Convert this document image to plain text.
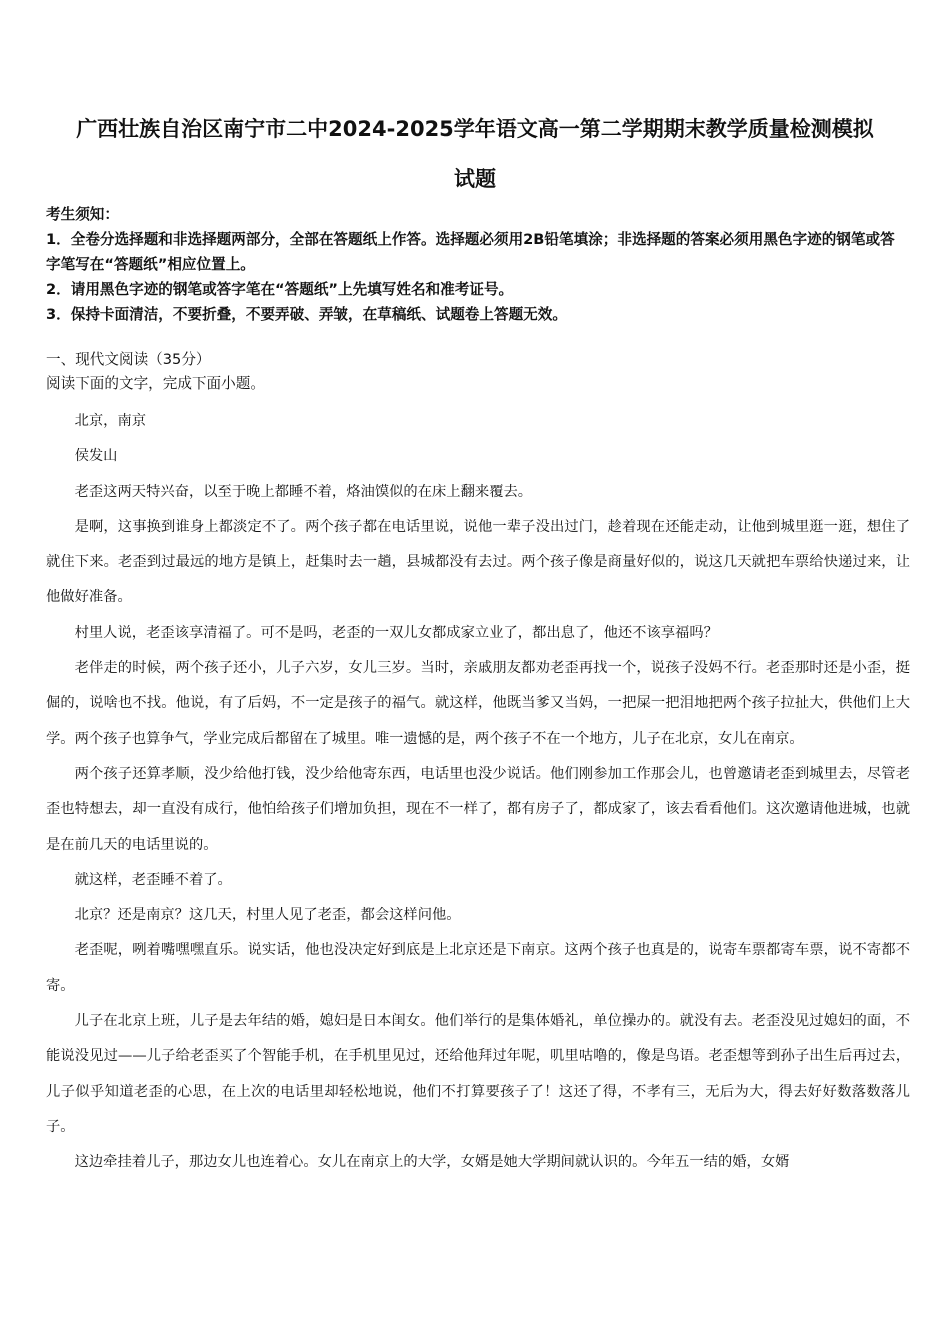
广西壮族自治区南宁市二中2024-2025学年语文高一第二学期期末教学质量检测模拟
试题

考生须知：

1．全卷分选择题和非选择题两部分，全部在答题纸上作答。选择题必须用2B铅笔填涂；非选择题的答案必须用黑色字迹的钢笔或答字笔写在“答题纸”相应位置上。

2．请用黑色字迹的钢笔或答字笔在“答题纸”上先填写姓名和准考证号。

3．保持卡面清洁，不要折叠，不要弄破、弄皱，在草稿纸、试题卷上答题无效。

一、现代文阅读（35分）

阅读下面的文字，完成下面小题。

北京，南京

侯发山

老歪这两天特兴奋，以至于晚上都睡不着，烙油馍似的在床上翻来覆去。

是啊，这事换到谁身上都淡定不了。两个孩子都在电话里说，说他一辈子没出过门，趁着现在还能走动，让他到城里逛一逛，想住了就住下来。老歪到过最远的地方是镇上，赶集时去一趟，县城都没有去过。两个孩子像是商量好似的，说这几天就把车票给快递过来，让他做好准备。

村里人说，老歪该享清福了。可不是吗，老歪的一双儿女都成家立业了，都出息了，他还不该享福吗？

老伴走的时候，两个孩子还小，儿子六岁，女儿三岁。当时，亲戚朋友都劝老歪再找一个，说孩子没妈不行。老歪那时还是小歪，挺倔的，说啥也不找。他说，有了后妈，不一定是孩子的福气。就这样，他既当爹又当妈，一把屎一把泪地把两个孩子拉扯大，供他们上大学。两个孩子也算争气，学业完成后都留在了城里。唯一遗憾的是，两个孩子不在一个地方，儿子在北京，女儿在南京。

两个孩子还算孝顺，没少给他打钱，没少给他寄东西，电话里也没少说话。他们刚参加工作那会儿，也曾邀请老歪到城里去，尽管老歪也特想去，却一直没有成行，他怕给孩子们增加负担，现在不一样了，都有房子了，都成家了，该去看看他们。这次邀请他进城，也就是在前几天的电话里说的。

就这样，老歪睡不着了。

北京？还是南京？这几天，村里人见了老歪，都会这样问他。

老歪呢，咧着嘴嘿嘿直乐。说实话，他也没决定好到底是上北京还是下南京。这两个孩子也真是的，说寄车票都寄车票，说不寄都不寄。

儿子在北京上班，儿子是去年结的婚，媳妇是日本闺女。他们举行的是集体婚礼，单位操办的。就没有去。老歪没见过媳妇的面，不能说没见过——儿子给老歪买了个智能手机，在手机里见过，还给他拜过年呢，叽里咕噜的，像是鸟语。老歪想等到孙子出生后再过去，儿子似乎知道老歪的心思，在上次的电话里却轻松地说，他们不打算要孩子了！这还了得，不孝有三，无后为大，得去好好数落数落儿子。

这边牵挂着儿子，那边女儿也连着心。女儿在南京上的大学，女婿是她大学期间就认识的。今年五一结的婚，女婿
